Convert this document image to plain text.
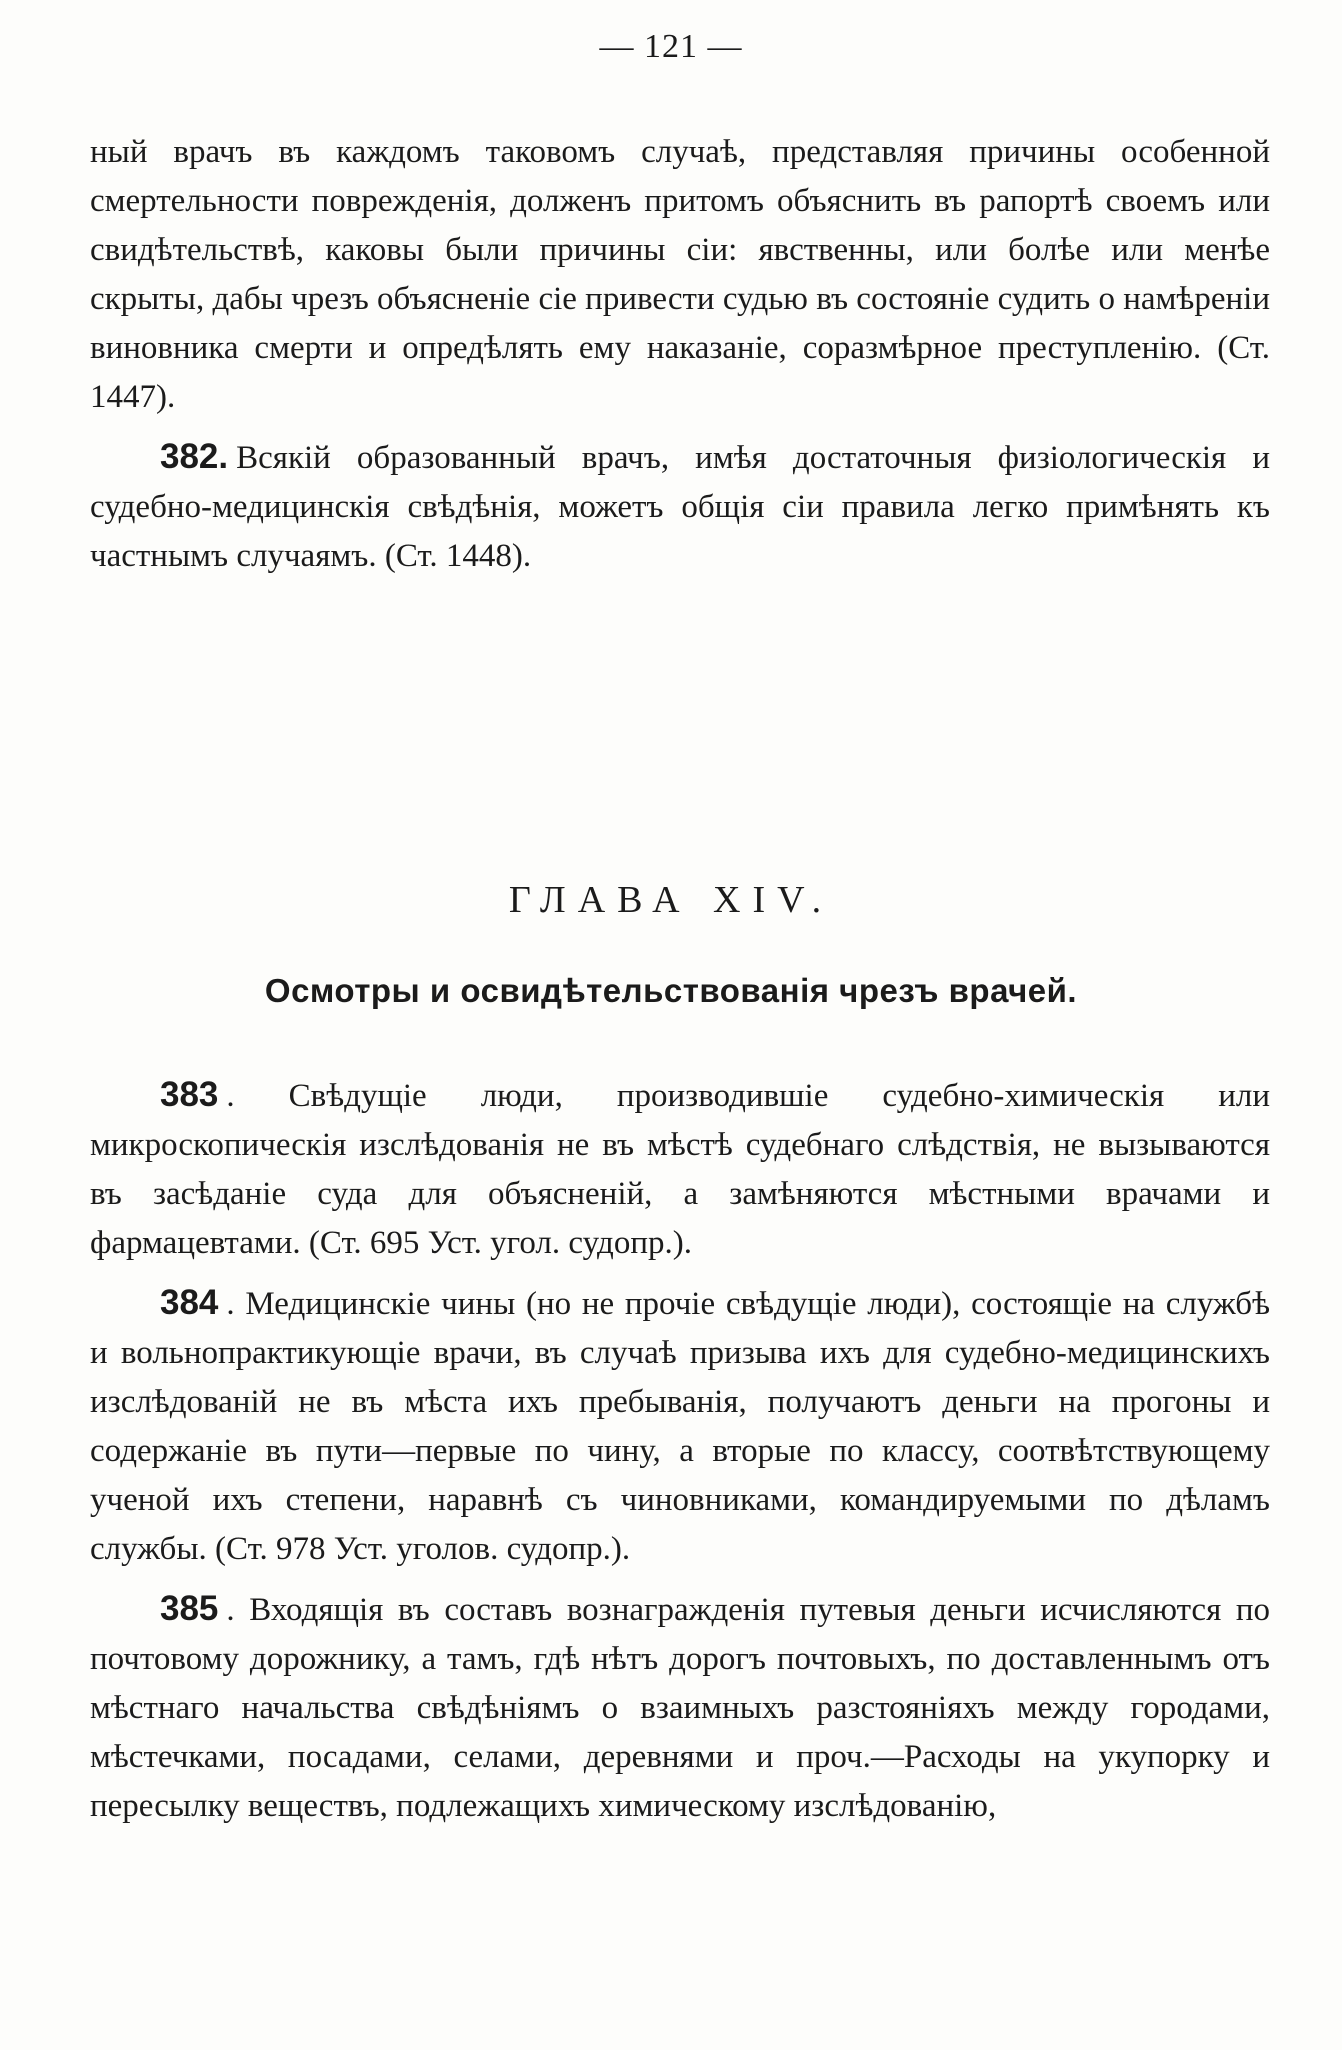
— 121 —

ный врачъ въ каждомъ таковомъ случаѣ, представляя причины особенной смертельности поврежденія, долженъ притомъ объяснить въ рапортѣ своемъ или свидѣтельствѣ, каковы были причины сіи: явственны, или болѣе или менѣе скрыты, дабы чрезъ объясненіе сіе привести судью въ состояніе судить о намѣреніи виновника смерти и опредѣлять ему наказаніе, соразмѣрное преступленію. (Ст. 1447).

382. Всякій образованный врачъ, имѣя достаточныя физіологическія и судебно-медицинскія свѣдѣнія, можетъ общія сіи правила легко примѣнять къ частнымъ случаямъ. (Ст. 1448).

ГЛАВА XIV.
Осмотры и освидѣтельствованія чрезъ врачей.

383 . Свѣдущіе люди, производившіе судебно-химическія или микроскопическія изслѣдованія не въ мѣстѣ судебнаго слѣдствія, не вызываются въ засѣданіе суда для объясненій, а замѣняются мѣстными врачами и фармацевтами. (Ст. 695 Уст. угол. судопр.).

384 . Медицинскіе чины (но не прочіе свѣдущіе люди), состоящіе на службѣ и вольнопрактикующіе врачи, въ случаѣ призыва ихъ для судебно-медицинскихъ изслѣдованій не въ мѣста ихъ пребыванія, получаютъ деньги на прогоны и содержаніе въ пути—первые по чину, а вторые по классу, соотвѣтствующему ученой ихъ степени, наравнѣ съ чиновниками, командируемыми по дѣламъ службы. (Ст. 978 Уст. уголов. судопр.).

385 . Входящія въ составъ вознагражденія путевыя деньги исчисляются по почтовому дорожнику, а тамъ, гдѣ нѣтъ дорогъ почтовыхъ, по доставленнымъ отъ мѣстнаго начальства свѣдѣніямъ о взаимныхъ разстояніяхъ между городами, мѣстечками, посадами, селами, деревнями и проч.—Расходы на укупорку и пересылку веществъ, подлежащихъ химическому изслѣдованію,
